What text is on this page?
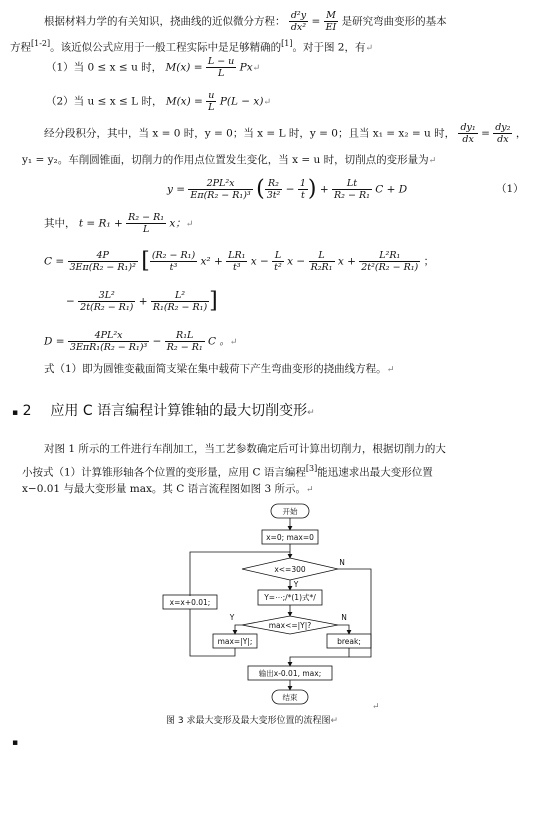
根据材料力学的有关知识，挠曲线的近似微分方程： $\frac{\text{d²y}}{\text{dx²}} = \frac{M}{EI}$ 是研究弯曲变形的基本
方程[1-2]。该近似公式应用于一般工程实际中是足够精确的[1]。对于图 2，有↵
（1）当 0 ≤ x ≤ u 时， $M(x) = \frac{L - u}{L}$ Px↵
（2）当 u ≤ x ≤ L 时， $M(x) = \frac{u}{L} P(L$ − x)↵
经分段积分，其中，当 x = 0 时，y = 0；当 x = L 时，y = 0；且当 x₁ = x₂ = u 时， $\frac{\text{dy₁}}{dx} = \frac{\text{dy₂}}{dx}$ ，
y₁ = y₂。车削圆锥面，切削力的作用点位置发生变化，当 x = u 时，切削点的变形量为↵
$y = \frac{\text{2PL²x}}{\text{Eπ(R₂ − R₁)³}}$ ( $\frac{\text{R₂}}{\text{3t²}} - \frac{1}{t}$ ) + $\frac{Lt}{\text{R₂ − R₁}}$ C + D	（1）
其中， $t = R_1 + \frac{\text{R₂ − R₁}}{L}$ x；↵
$C = \frac{4P}{\text{3Eπ(R₂ − R₁)²}}$ [ $\frac{\text{(R₂ − R₁)}}{\text{t³}} x^2 + \frac{\text{LR₁}}{\text{t³}}$ $x - \frac{L}{\text{t²}}$ $x - \frac{L}{\text{R₂R₁}}$ $x + \frac{\text{L²R₁}}{\text{2t²(R₂ − R₁)}}$ ；
− $\frac{\text{3L²}}{\text{2t(R₂ − R₁)}} + \frac{\text{L²}}{\text{R₁(R₂ − R₁)}}$ ]
$D = \frac{\text{4PL²x}}{\text{3EπR₁(R₂ − R₁)³}} - \frac{\text{R₁L}}{\text{R₂ − R₁}}$ C 。↵
式（1）即为圆锥变截面简支梁在集中载荷下产生弯曲变形的挠曲线方程。↵
▪ 2 应用 C 语言编程计算锥轴的最大切削变形↵
对图 1 所示的工件进行车削加工，当工艺参数确定后可计算出切削力，根据切削力的大
小按式（1）计算锥形轴各个位置的变形量，应用 C 语言编程[3]能迅速求出最大变形位置
x−0.01 与最大变形量 max。其 C 语言流程图如图 3 所示。↵
开始
x=0; max=0
x<=300
Y=⋯;/*(1)式*/
max<=|Y|?
max=|Y|;	break;
x=x+0.01;
输出x-0.01, max;
结束
Y
N
Y	N
↵
图 3 求最大变形及最大变形位置的流程图↵
▪
